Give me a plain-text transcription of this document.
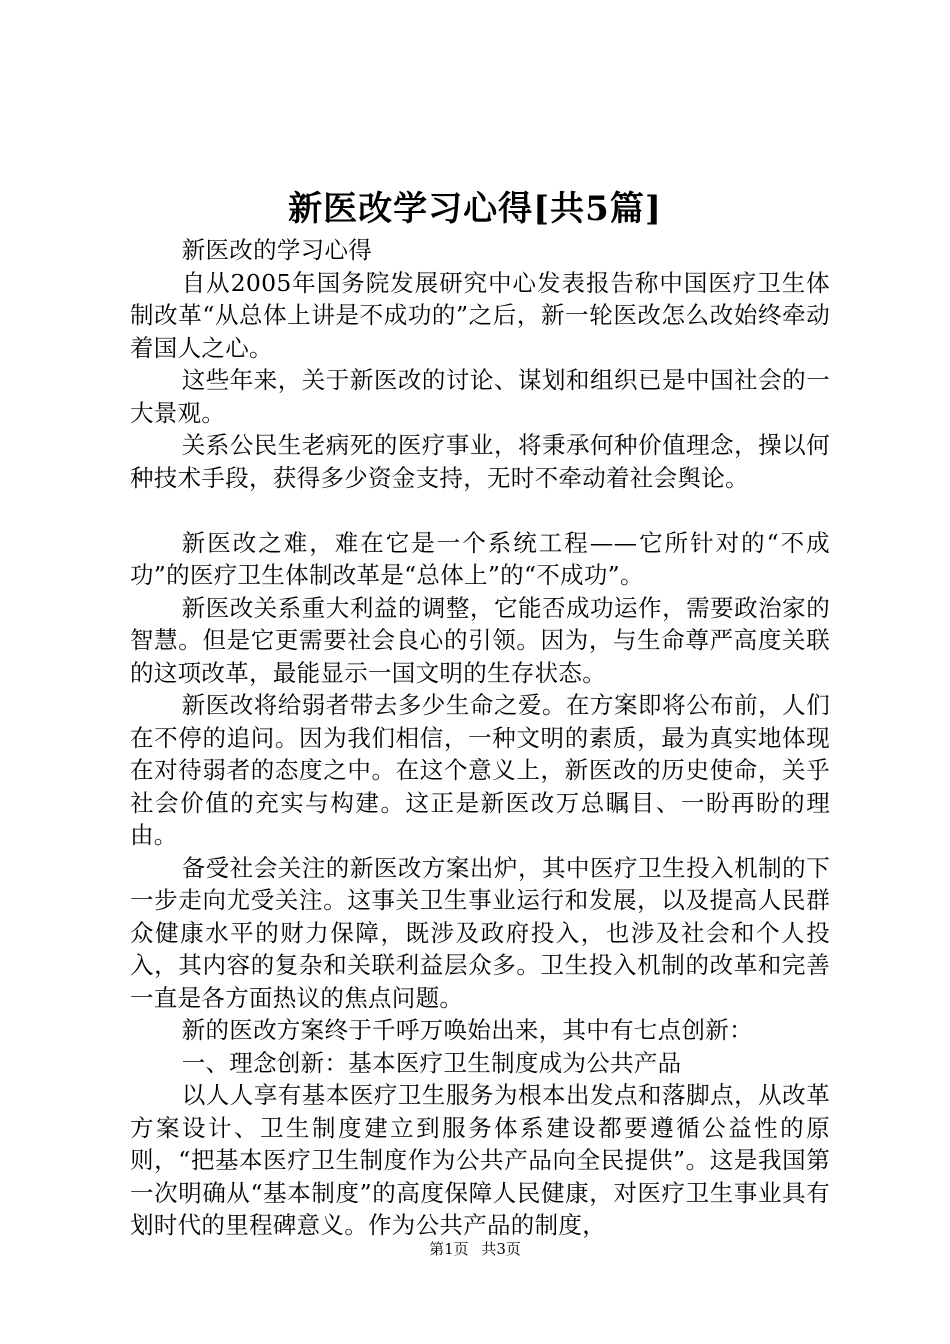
新医改学习心得[共5篇]

新医改的学习心得

自从2005年国务院发展研究中心发表报告称中国医疗卫生体制改革“从总体上讲是不成功的”之后，新一轮医改怎么改始终牵动着国人之心。

这些年来，关于新医改的讨论、谋划和组织已是中国社会的一大景观。

关系公民生老病死的医疗事业，将秉承何种价值理念，操以何种技术手段，获得多少资金支持，无时不牵动着社会舆论。

新医改之难，难在它是一个系统工程——它所针对的“不成功”的医疗卫生体制改革是“总体上”的“不成功”。

新医改关系重大利益的调整，它能否成功运作，需要政治家的智慧。但是它更需要社会良心的引领。因为，与生命尊严高度关联的这项改革，最能显示一国文明的生存状态。

新医改将给弱者带去多少生命之爱。在方案即将公布前，人们在不停的追问。因为我们相信，一种文明的素质，最为真实地体现在对待弱者的态度之中。在这个意义上，新医改的历史使命，关乎社会价值的充实与构建。这正是新医改万总瞩目、一盼再盼的理由。

备受社会关注的新医改方案出炉，其中医疗卫生投入机制的下一步走向尤受关注。这事关卫生事业运行和发展，以及提高人民群众健康水平的财力保障，既涉及政府投入，也涉及社会和个人投入，其内容的复杂和关联利益层众多。卫生投入机制的改革和完善一直是各方面热议的焦点问题。

新的医改方案终于千呼万唤始出来，其中有七点创新：

一、理念创新：基本医疗卫生制度成为公共产品

以人人享有基本医疗卫生服务为根本出发点和落脚点，从改革方案设计、卫生制度建立到服务体系建设都要遵循公益性的原则，“把基本医疗卫生制度作为公共产品向全民提供”。这是我国第一次明确从“基本制度”的高度保障人民健康，对医疗卫生事业具有划时代的里程碑意义。作为公共产品的制度，

第1页 共3页
